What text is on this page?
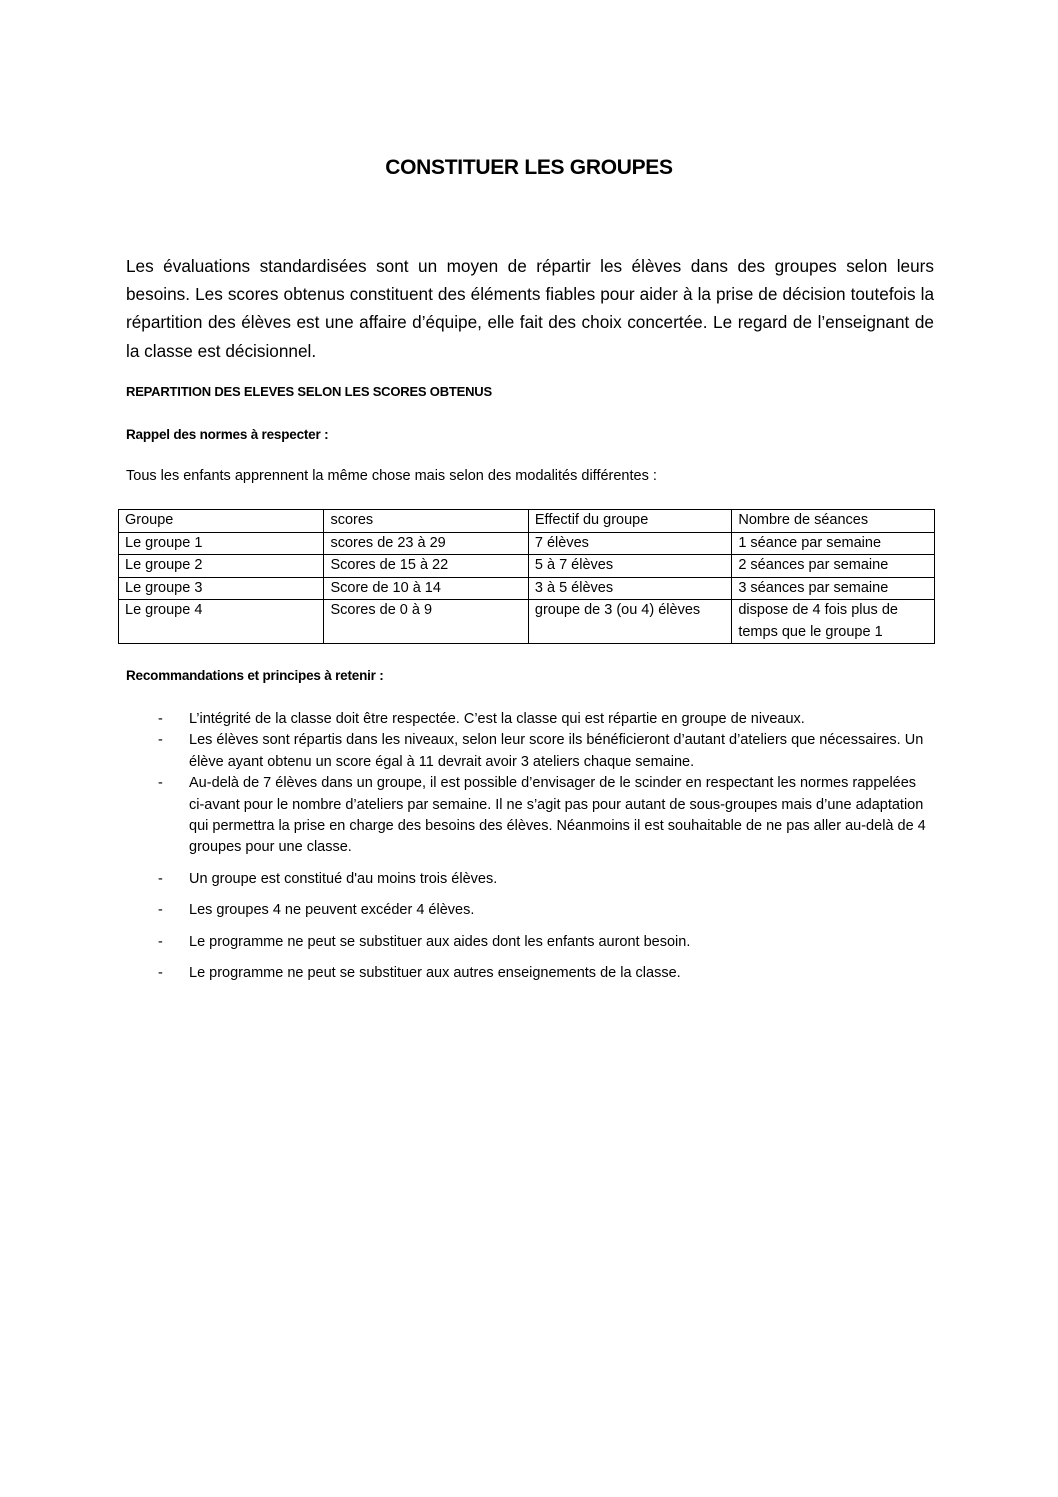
CONSTITUER LES GROUPES

Les évaluations standardisées sont un moyen de répartir les élèves dans des groupes selon leurs besoins. Les scores obtenus constituent des éléments fiables pour aider à la prise de décision toutefois la répartition des élèves est une affaire d’équipe, elle fait des choix concertée. Le regard de l’enseignant de la classe est décisionnel.

REPARTITION DES ELEVES SELON LES SCORES OBTENUS
Rappel des normes à respecter :
Tous les enfants apprennent la même chose mais selon des modalités différentes :
Groupe	scores	Effectif du groupe	Nombre de séances
Le groupe 1	scores de 23 à 29	7 élèves	1 séance par semaine
Le groupe 2	Scores de 15 à 22	5 à 7 élèves	2 séances par semaine
Le groupe 3	Score de 10 à 14	3 à 5 élèves	3 séances par semaine
Le groupe 4	Scores de 0 à 9	groupe de 3 (ou 4) élèves	dispose de 4 fois plus de temps que le groupe 1
Recommandations et principes à retenir :
- L’intégrité de la classe doit être respectée. C’est la classe qui est répartie en groupe de niveaux.
- Les élèves sont répartis dans les niveaux, selon leur score ils bénéficieront d’autant d’ateliers que nécessaires. Un élève ayant obtenu un score égal à 11 devrait avoir 3 ateliers chaque semaine.
- Au-delà de 7 élèves dans un groupe, il est possible d’envisager de le scinder en respectant les normes rappelées ci-avant pour le nombre d’ateliers par semaine. Il ne s’agit pas pour autant de sous-groupes mais d’une adaptation qui permettra la prise en charge des besoins des élèves. Néanmoins il est souhaitable de ne pas aller au-delà de 4 groupes pour une classe.
- Un groupe est constitué d'au moins trois élèves.
- Les groupes 4 ne peuvent excéder 4 élèves.
- Le programme ne peut se substituer aux aides dont les enfants auront besoin.
- Le programme ne peut se substituer aux autres enseignements de la classe.
